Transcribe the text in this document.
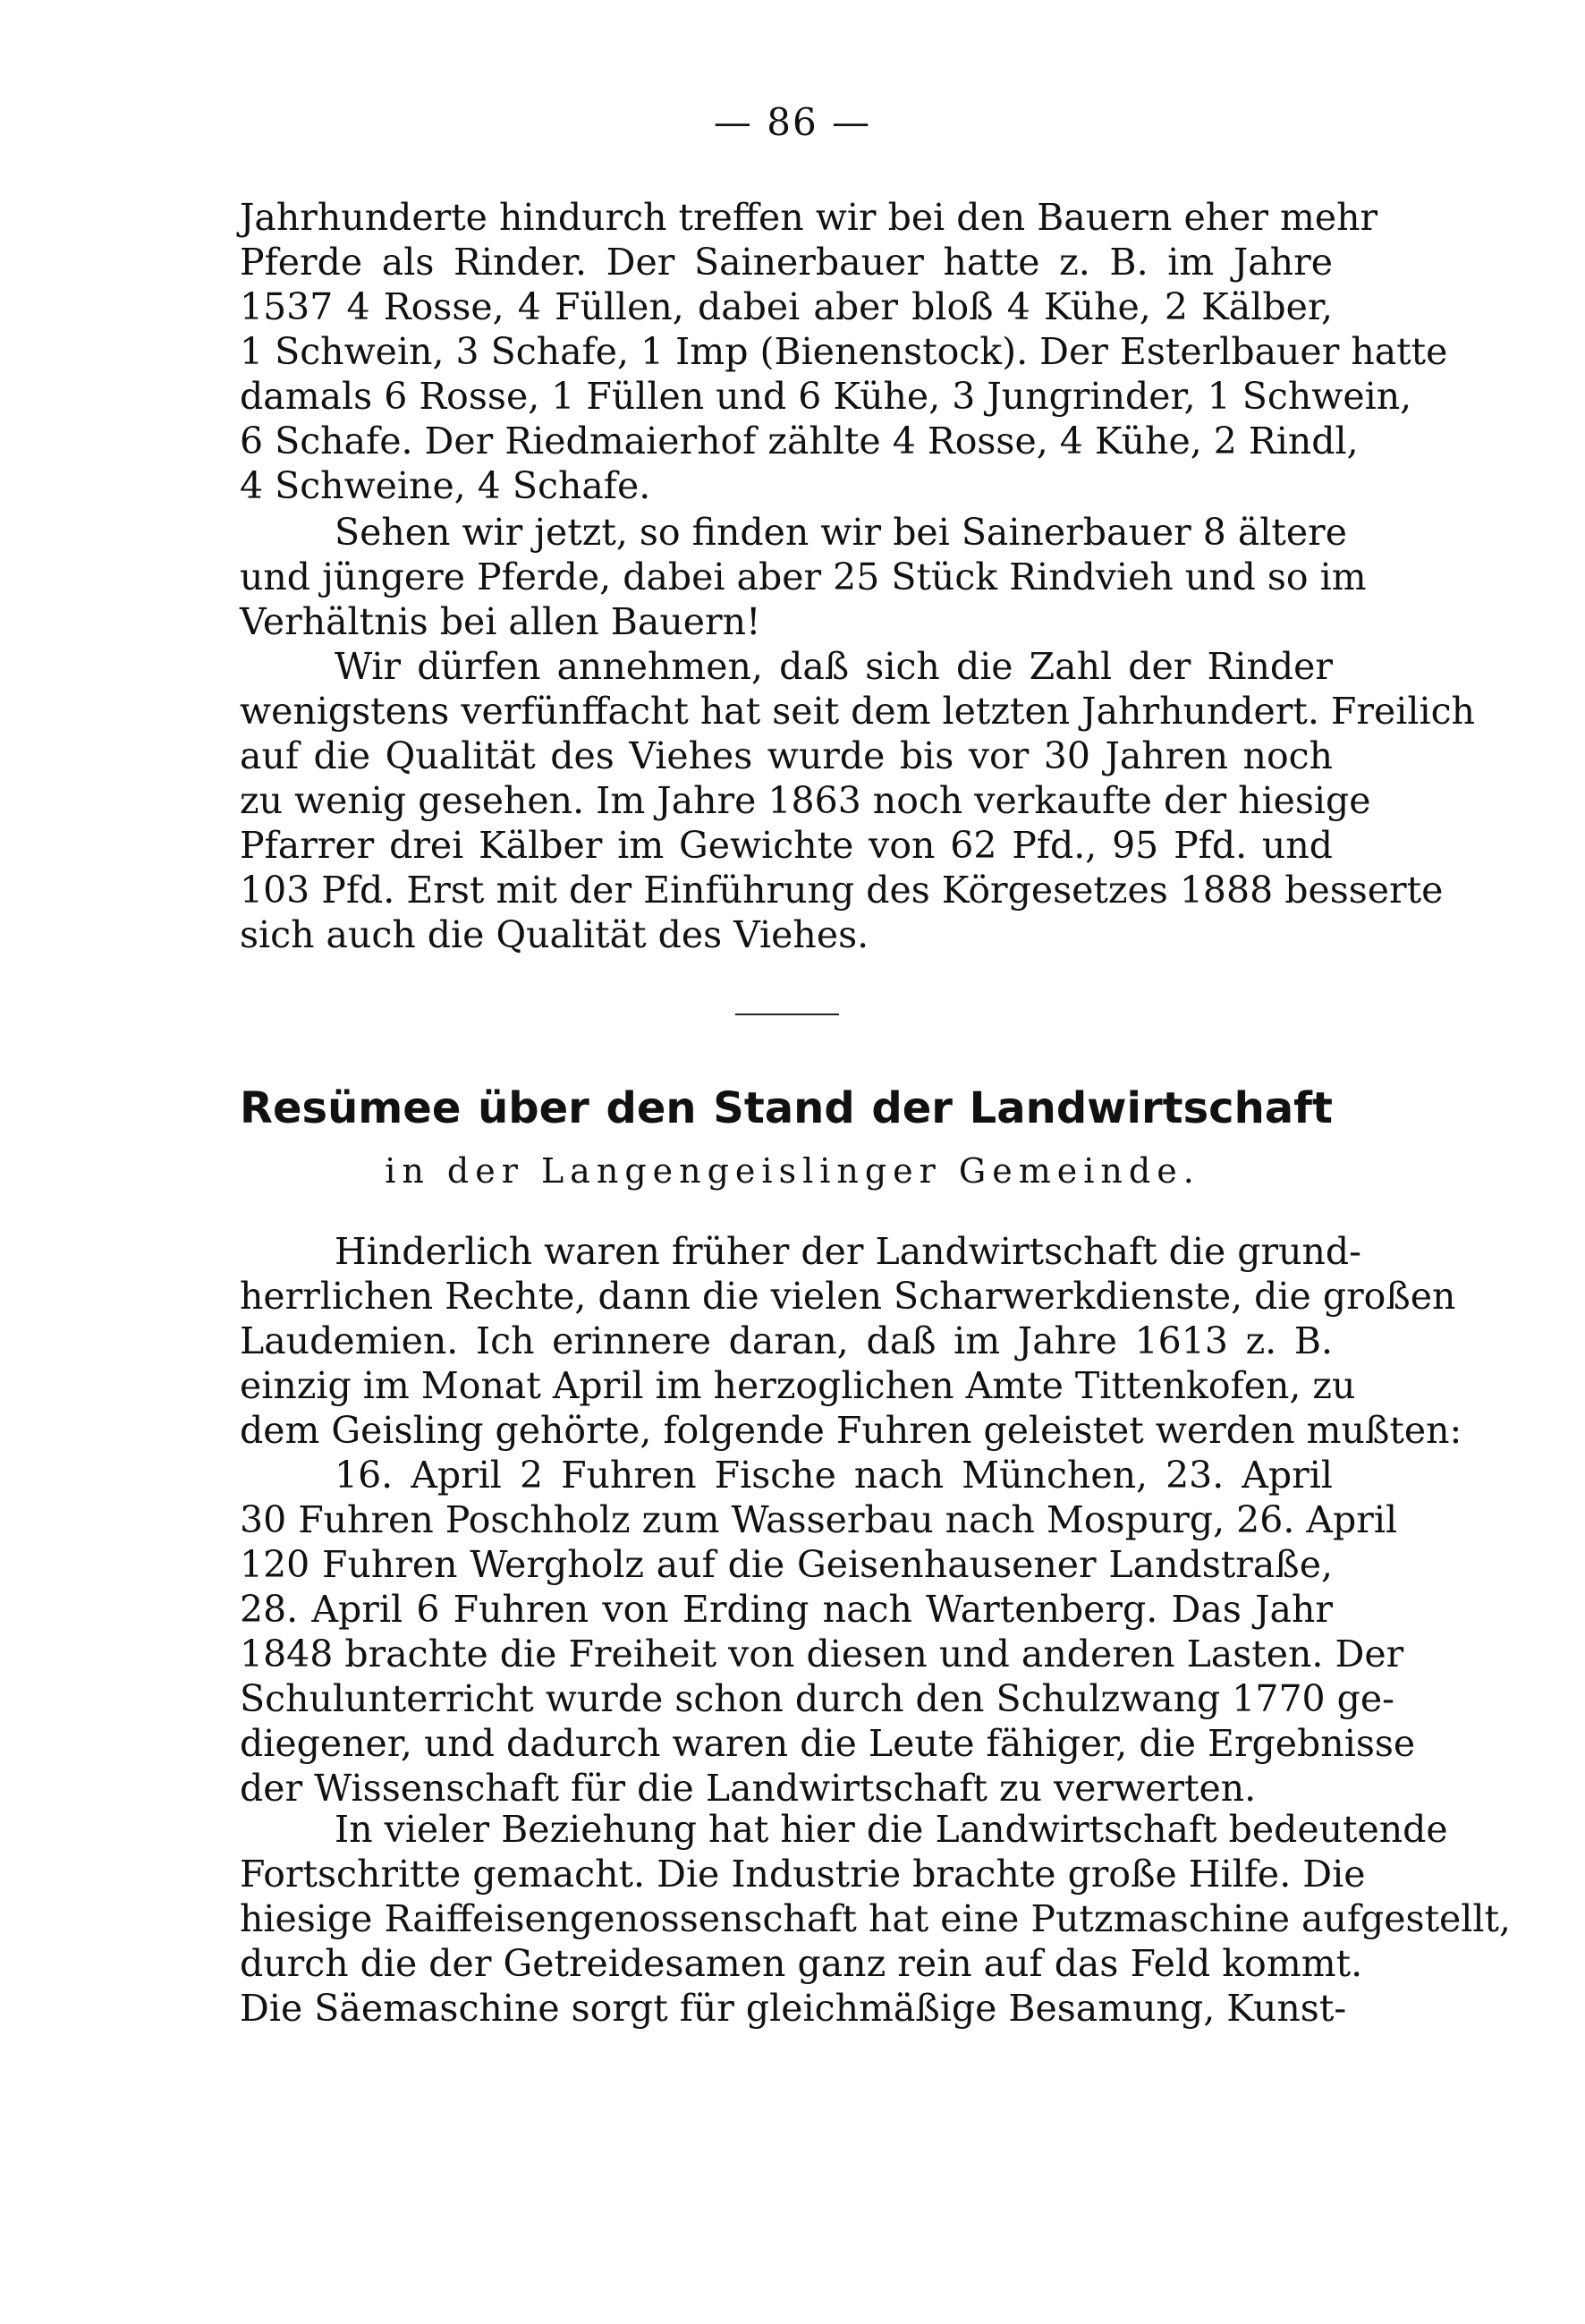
— 86 —
Jahrhunderte hindurch treffen wir bei den Bauern eher mehr
Pferde als Rinder. Der Sainerbauer hatte z. B. im Jahre
1537 4 Rosse, 4 Füllen, dabei aber bloß 4 Kühe, 2 Kälber,
1 Schwein, 3 Schafe, 1 Imp (Bienenstock). Der Esterlbauer hatte
damals 6 Rosse, 1 Füllen und 6 Kühe, 3 Jungrinder, 1 Schwein,
6 Schafe. Der Riedmaierhof zählte 4 Rosse, 4 Kühe, 2 Rindl,
4 Schweine, 4 Schafe.
Sehen wir jetzt, so finden wir bei Sainerbauer 8 ältere
und jüngere Pferde, dabei aber 25 Stück Rindvieh und so im
Verhältnis bei allen Bauern!
Wir dürfen annehmen, daß sich die Zahl der Rinder
wenigstens verfünffacht hat seit dem letzten Jahrhundert. Freilich
auf die Qualität des Viehes wurde bis vor 30 Jahren noch
zu wenig gesehen. Im Jahre 1863 noch verkaufte der hiesige
Pfarrer drei Kälber im Gewichte von 62 Pfd., 95 Pfd. und
103 Pfd. Erst mit der Einführung des Körgesetzes 1888 besserte
sich auch die Qualität des Viehes.
Resümee über den Stand der Landwirtschaft
in der Langengeislinger Gemeinde.
Hinderlich waren früher der Landwirtschaft die grund-
herrlichen Rechte, dann die vielen Scharwerkdienste, die großen
Laudemien. Ich erinnere daran, daß im Jahre 1613 z. B.
einzig im Monat April im herzoglichen Amte Tittenkofen, zu
dem Geisling gehörte, folgende Fuhren geleistet werden mußten:
16. April 2 Fuhren Fische nach München, 23. April
30 Fuhren Poschholz zum Wasserbau nach Mospurg, 26. April
120 Fuhren Wergholz auf die Geisenhausener Landstraße,
28. April 6 Fuhren von Erding nach Wartenberg. Das Jahr
1848 brachte die Freiheit von diesen und anderen Lasten. Der
Schulunterricht wurde schon durch den Schulzwang 1770 ge-
diegener, und dadurch waren die Leute fähiger, die Ergebnisse
der Wissenschaft für die Landwirtschaft zu verwerten.
In vieler Beziehung hat hier die Landwirtschaft bedeutende
Fortschritte gemacht. Die Industrie brachte große Hilfe. Die
hiesige Raiffeisengenossenschaft hat eine Putzmaschine aufgestellt,
durch die der Getreidesamen ganz rein auf das Feld kommt.
Die Säemaschine sorgt für gleichmäßige Besamung, Kunst-
